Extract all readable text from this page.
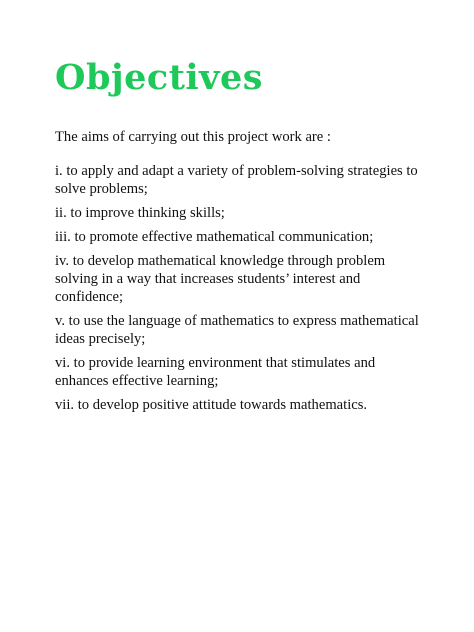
Objectives

The aims of carrying out this project work are :

i. to apply and adapt a variety of problem-solving strategies to solve problems;
ii. to improve thinking skills;
iii. to promote effective mathematical communication;
iv. to develop mathematical knowledge through problem solving in a way that increases students’ interest and confidence;
v. to use the language of mathematics to express mathematical ideas precisely;
vi. to provide learning environment that stimulates and enhances effective learning;
vii. to develop positive attitude towards mathematics.
